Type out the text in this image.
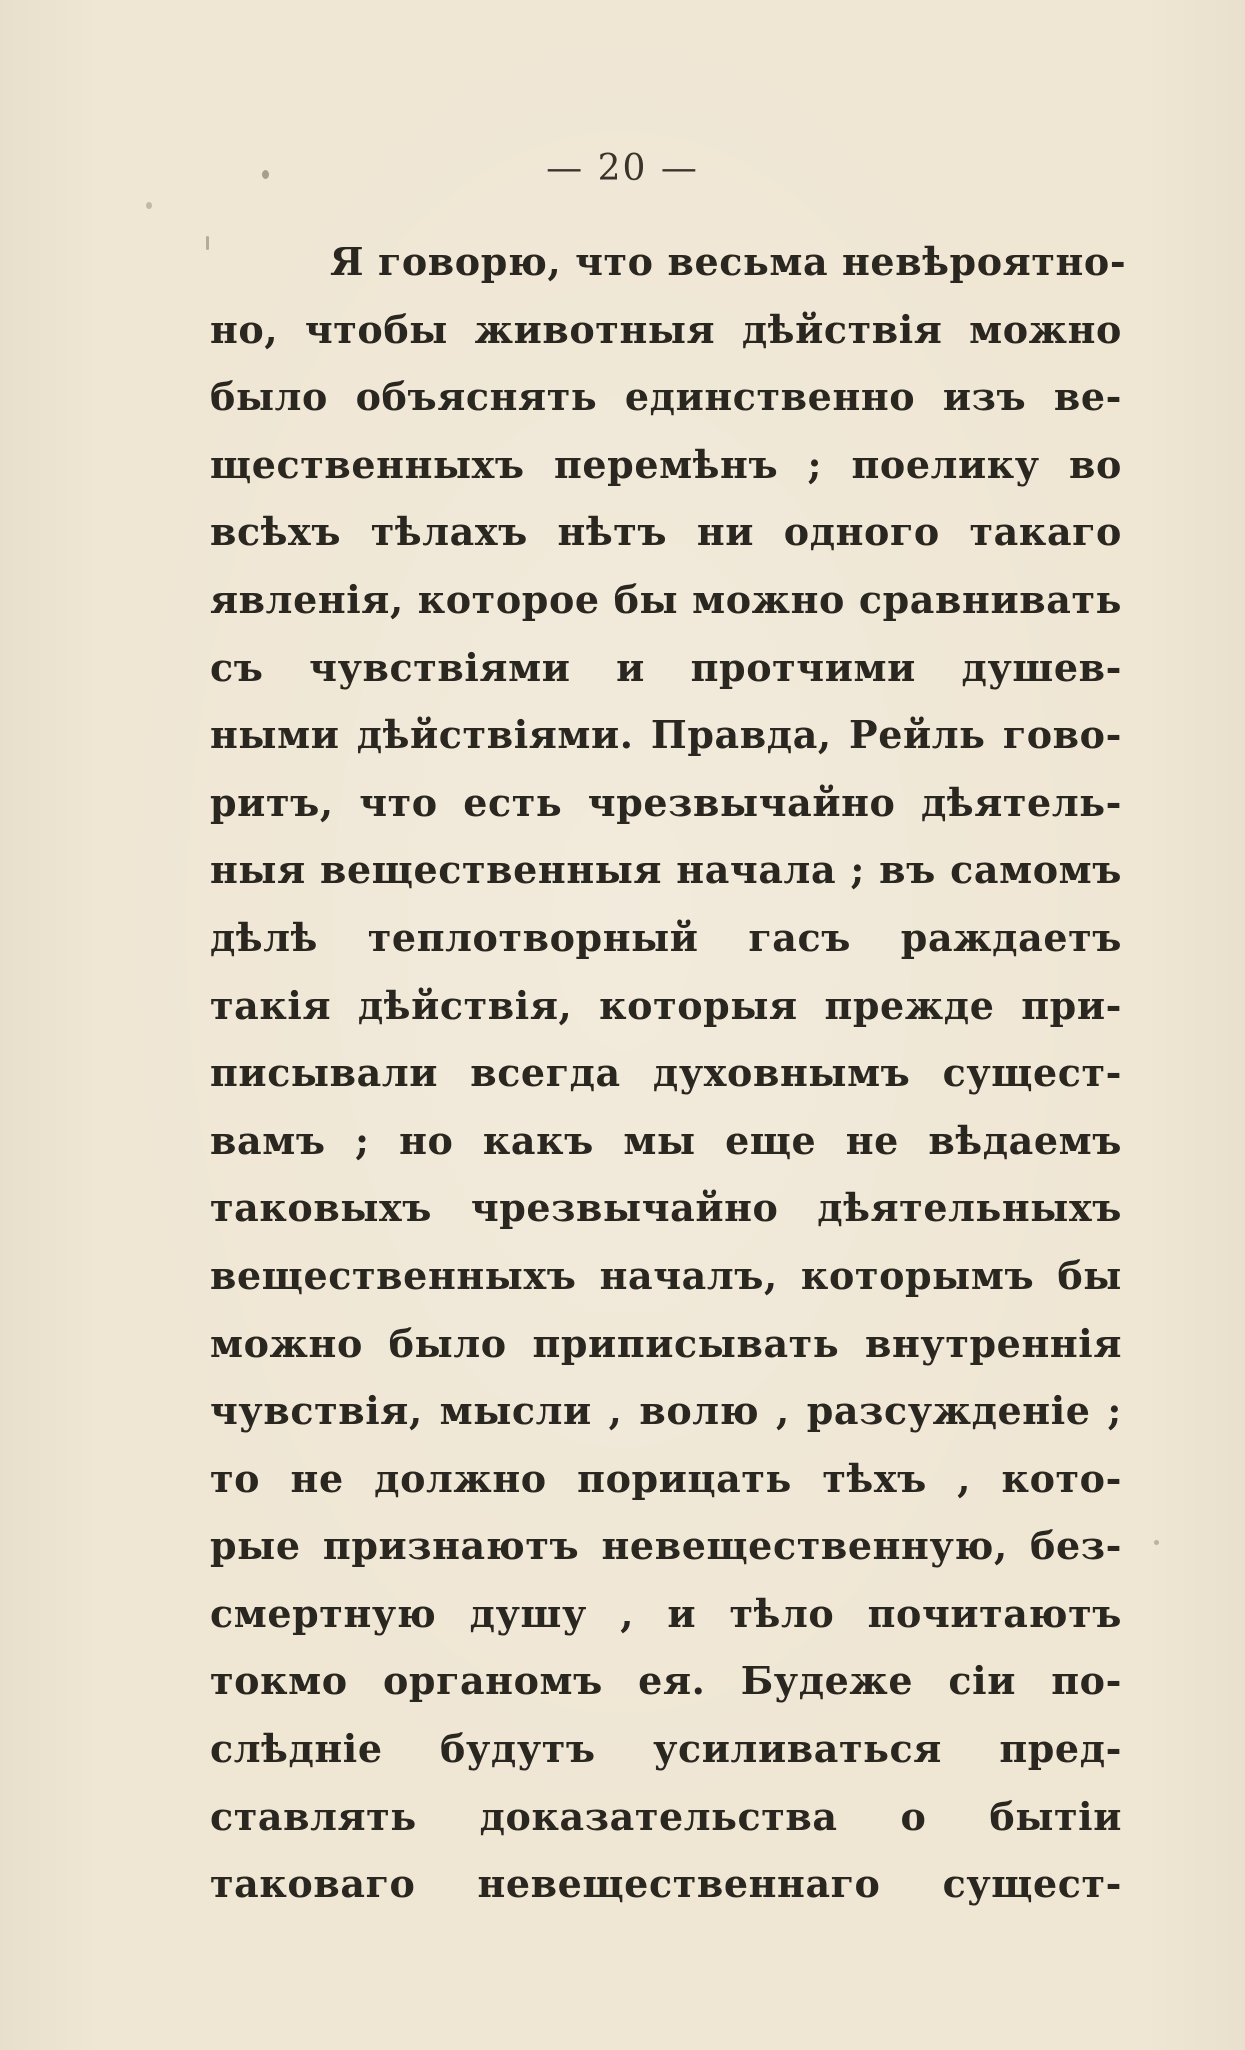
— 20 —
Я говорю, что весьма невѣроятно-
но, чтобы животныя дѣйствія можно
было объяснять единственно изъ ве-
щественныхъ перемѣнъ ; поелику во
всѣхъ тѣлахъ нѣтъ ни одного такаго
явленія, которое бы можно сравнивать
съ чувствіями и протчими душев-
ными дѣйствіями. Правда, Рейль гово-
ритъ, что есть чрезвычайно дѣятель-
ныя вещественныя начала ; въ самомъ
дѣлѣ теплотворный гасъ раждаетъ
такія дѣйствія, которыя прежде при-
писывали всегда духовнымъ сущест-
вамъ ; но какъ мы еще не вѣдаемъ
таковыхъ чрезвычайно дѣятельныхъ
вещественныхъ началъ, которымъ бы
можно было приписывать внутреннія
чувствія, мысли , волю , разсужденіе ;
то не должно порицать тѣхъ , кото-
рые признаютъ невещественную, без-
смертную душу , и тѣло почитаютъ
токмо органомъ ея. Будеже сіи по-
слѣдніе будутъ усиливаться пред-
ставлять доказательства о бытіи
таковаго невещественнаго сущест-
